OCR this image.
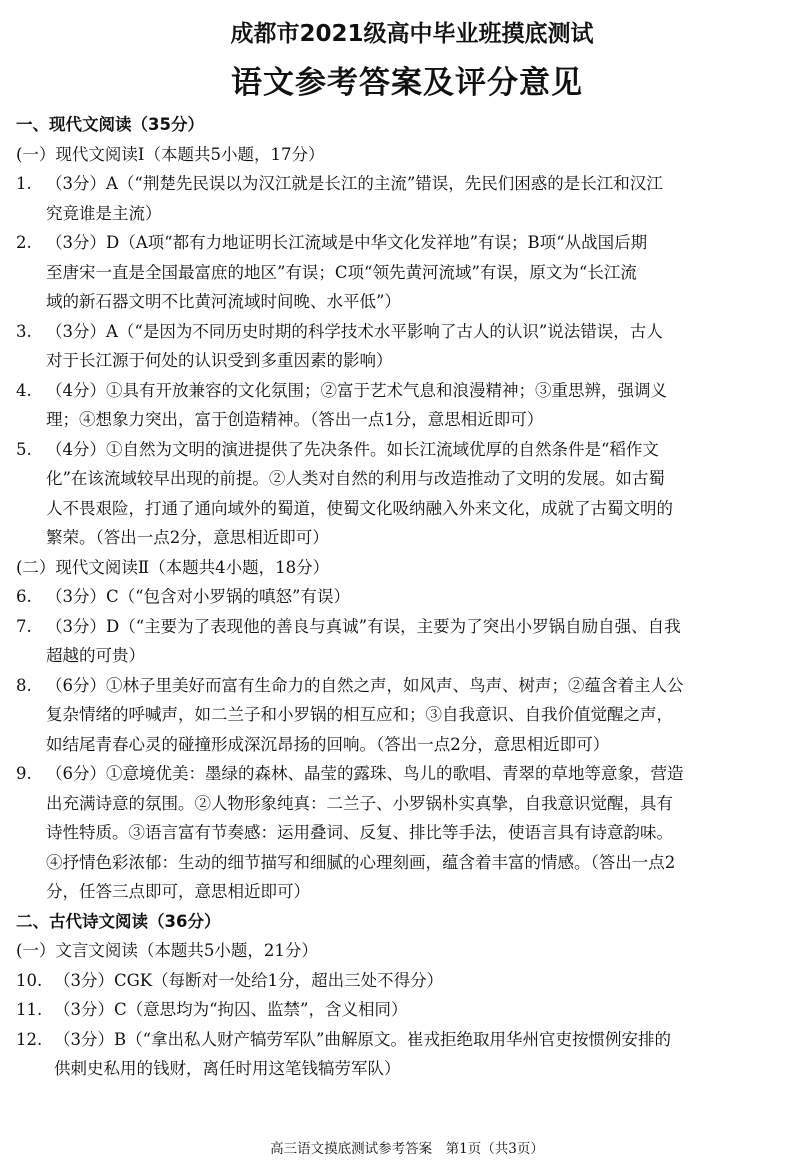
成都市2021级高中毕业班摸底测试
语文参考答案及评分意见
一、现代文阅读（35分）
(一）现代文阅读Ⅰ（本题共5小题，17分）
1. （3分）A（“荆楚先民误以为汉江就是长江的主流”错误，先民们困惑的是长江和汉江
究竟谁是主流）
2. （3分）D（A项“都有力地证明长江流域是中华文化发祥地”有误；B项“从战国后期
至唐宋一直是全国最富庶的地区”有误；C项“领先黄河流域”有误，原文为“长江流
域的新石器文明不比黄河流域时间晚、水平低”）
3. （3分）A（“是因为不同历史时期的科学技术水平影响了古人的认识”说法错误，古人
对于长江源于何处的认识受到多重因素的影响）
4. （4分）①具有开放兼容的文化氛围；②富于艺术气息和浪漫精神；③重思辨，强调义
理；④想象力突出，富于创造精神。（答出一点1分，意思相近即可）
5. （4分）①自然为文明的演进提供了先决条件。如长江流域优厚的自然条件是“稻作文
化”在该流域较早出现的前提。②人类对自然的利用与改造推动了文明的发展。如古蜀
人不畏艰险，打通了通向域外的蜀道，使蜀文化吸纳融入外来文化，成就了古蜀文明的
繁荣。（答出一点2分，意思相近即可）
(二）现代文阅读Ⅱ（本题共4小题，18分）
6. （3分）C（“包含对小罗锅的嗔怒”有误）
7. （3分）D（“主要为了表现他的善良与真诚”有误，主要为了突出小罗锅自励自强、自我
超越的可贵）
8. （6分）①林子里美好而富有生命力的自然之声，如风声、鸟声、树声；②蕴含着主人公
复杂情绪的呼喊声，如二兰子和小罗锅的相互应和；③自我意识、自我价值觉醒之声，
如结尾青春心灵的碰撞形成深沉昂扬的回响。（答出一点2分，意思相近即可）
9. （6分）①意境优美：墨绿的森林、晶莹的露珠、鸟儿的歌唱、青翠的草地等意象，营造
出充满诗意的氛围。②人物形象纯真：二兰子、小罗锅朴实真挚，自我意识觉醒，具有
诗性特质。③语言富有节奏感：运用叠词、反复、排比等手法，使语言具有诗意韵味。
④抒情色彩浓郁：生动的细节描写和细腻的心理刻画，蕴含着丰富的情感。（答出一点2
分，任答三点即可，意思相近即可）
二、古代诗文阅读（36分）
(一）文言文阅读（本题共5小题，21分）
10. （3分）CGK（每断对一处给1分，超出三处不得分）
11. （3分）C（意思均为“拘囚、监禁”，含义相同）
12. （3分）B（“拿出私人财产犒劳军队”曲解原文。崔戎拒绝取用华州官吏按惯例安排的
供刺史私用的钱财，离任时用这笔钱犒劳军队）
高三语文摸底测试参考答案　第1页（共3页）
